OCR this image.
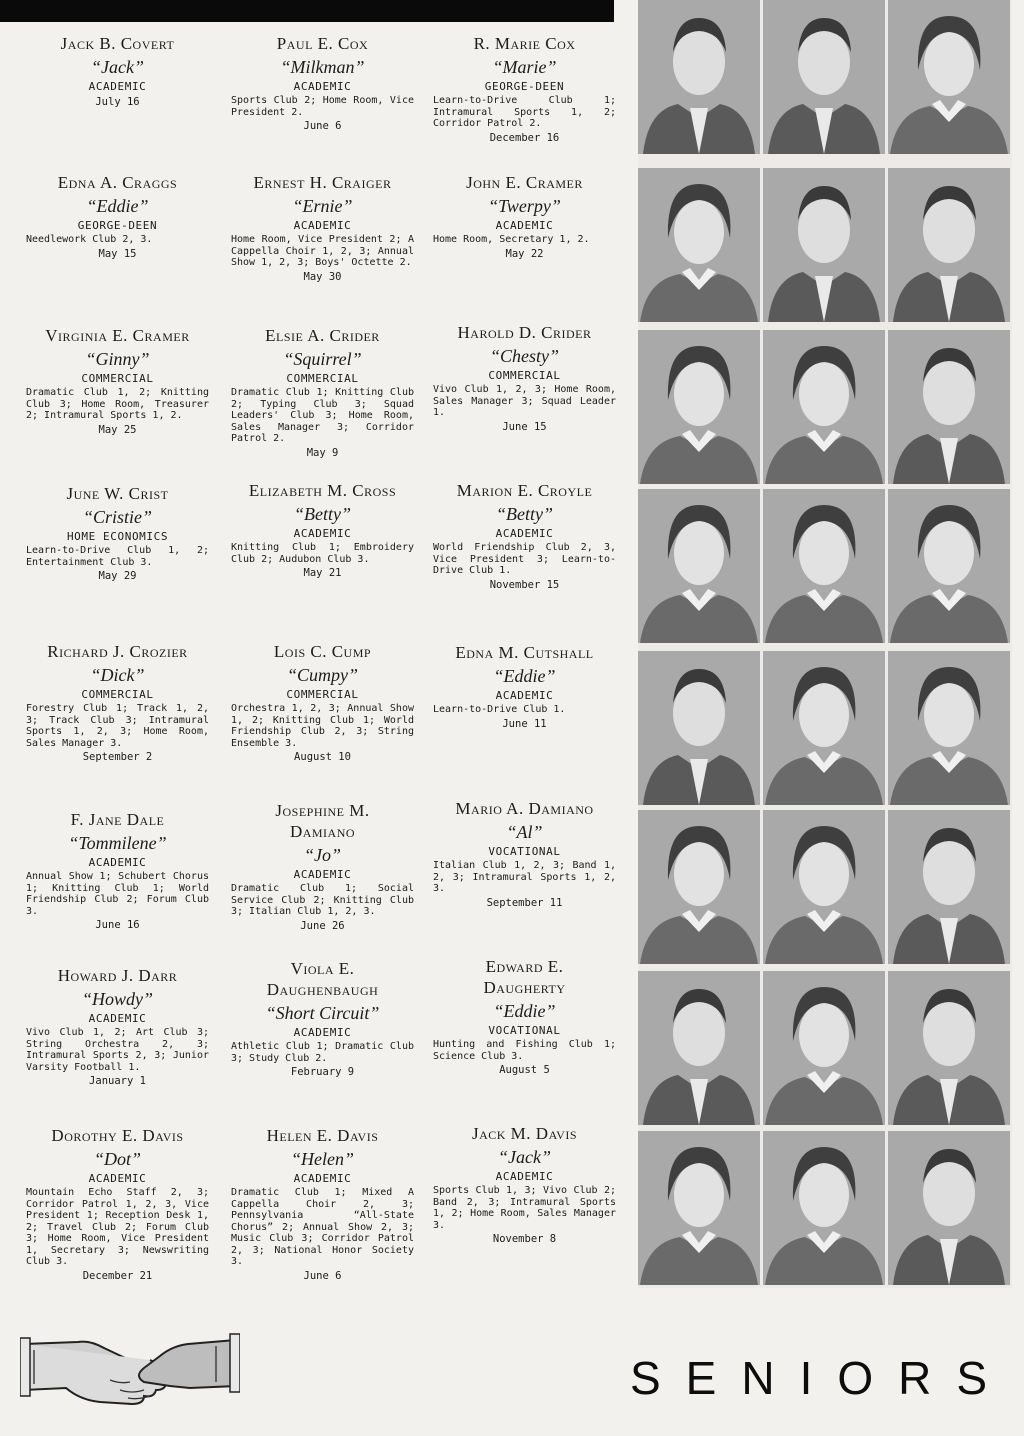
Jack B. Covert
“Jack”
ACADEMIC
July 16
Paul E. Cox
“Milkman”
ACADEMIC
Sports Club 2; Home Room, Vice President 2.
June 6
R. Marie Cox
“Marie”
GEORGE-DEEN
Learn-to-Drive Club 1; Intramural Sports 1, 2; Corridor Patrol 2.
December 16
Edna A. Craggs
“Eddie”
GEORGE-DEEN
Needlework Club 2, 3.
May 15
Ernest H. Craiger
“Ernie”
ACADEMIC
Home Room, Vice President 2; A Cappella Choir 1, 2, 3; Annual Show 1, 2, 3; Boys' Octette 2.
May 30
John E. Cramer
“Twerpy”
ACADEMIC
Home Room, Secretary 1, 2.
May 22
Virginia E. Cramer
“Ginny”
COMMERCIAL
Dramatic Club 1, 2; Knitting Club 3; Home Room, Treasurer 2; Intramural Sports 1, 2.
May 25
Elsie A. Crider
“Squirrel”
COMMERCIAL
Dramatic Club 1; Knitting Club 2; Typing Club 3; Squad Leaders' Club 3; Home Room, Sales Manager 3; Corridor Patrol 2.
May 9
Harold D. Crider
“Chesty”
COMMERCIAL
Vivo Club 1, 2, 3; Home Room, Sales Manager 3; Squad Leader 1.
June 15
June W. Crist
“Cristie”
HOME ECONOMICS
Learn-to-Drive Club 1, 2; Entertainment Club 3.
May 29
Elizabeth M. Cross
“Betty”
ACADEMIC
Knitting Club 1; Embroidery Club 2; Audubon Club 3.
May 21
Marion E. Croyle
“Betty”
ACADEMIC
World Friendship Club 2, 3, Vice President 3; Learn-to-Drive Club 1.
November 15
Richard J. Crozier
“Dick”
COMMERCIAL
Forestry Club 1; Track 1, 2, 3; Track Club 3; Intramural Sports 1, 2, 3; Home Room, Sales Manager 3.
September 2
Lois C. Cump
“Cumpy”
COMMERCIAL
Orchestra 1, 2, 3; Annual Show 1, 2; Knitting Club 1; World Friendship Club 2, 3; String Ensemble 3.
August 10
Edna M. Cutshall
“Eddie”
ACADEMIC
Learn-to-Drive Club 1.
June 11
F. Jane Dale
“Tommilene”
ACADEMIC
Annual Show 1; Schubert Chorus 1; Knitting Club 1; World Friendship Club 2; Forum Club 3.
June 16
Josephine M. Damiano
“Jo”
ACADEMIC
Dramatic Club 1; Social Service Club 2; Knitting Club 3; Italian Club 1, 2, 3.
June 26
Mario A. Damiano
“Al”
VOCATIONAL
Italian Club 1, 2, 3; Band 1, 2, 3; Intramural Sports 1, 2, 3.
September 11
Howard J. Darr
“Howdy”
ACADEMIC
Vivo Club 1, 2; Art Club 3; String Orchestra 2, 3; Intramural Sports 2, 3; Junior Varsity Football 1.
January 1
Viola E. Daughenbaugh
“Short Circuit”
ACADEMIC
Athletic Club 1; Dramatic Club 3; Study Club 2.
February 9
Edward E. Daugherty
“Eddie”
VOCATIONAL
Hunting and Fishing Club 1; Science Club 3.
August 5
Dorothy E. Davis
“Dot”
ACADEMIC
Mountain Echo Staff 2, 3; Corridor Patrol 1, 2, 3, Vice President 1; Reception Desk 1, 2; Travel Club 2; Forum Club 3; Home Room, Vice President 1, Secretary 3; Newswriting Club 3.
December 21
Helen E. Davis
“Helen”
ACADEMIC
Dramatic Club 1; Mixed A Cappella Choir 2, 3; Pennsylvania “All-State Chorus” 2; Annual Show 2, 3; Music Club 3; Corridor Patrol 2, 3; National Honor Society 3.
June 6
Jack M. Davis
“Jack”
ACADEMIC
Sports Club 1, 3; Vivo Club 2; Band 2, 3; Intramural Sports 1, 2; Home Room, Sales Manager 3.
November 8
SENIORS
